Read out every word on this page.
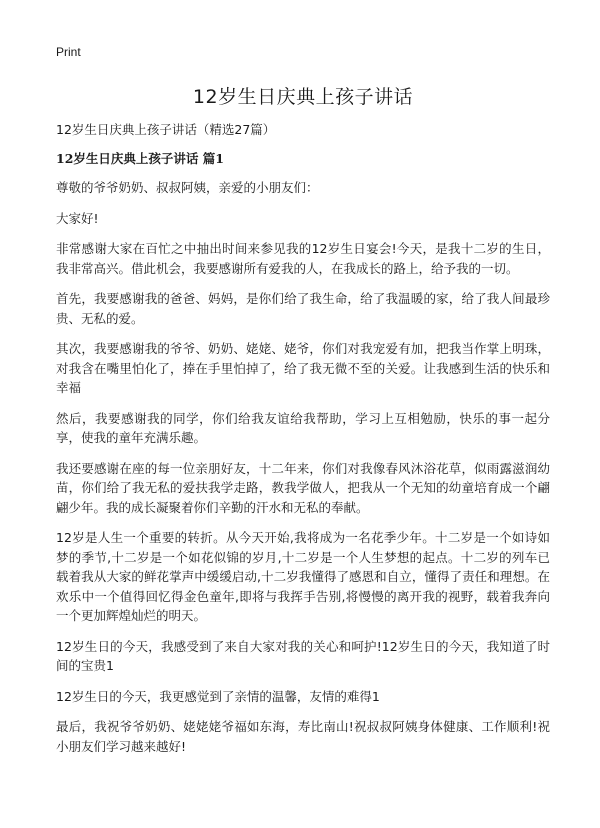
Print
12岁生日庆典上孩子讲话

12岁生日庆典上孩子讲话（精选27篇）

12岁生日庆典上孩子讲话 篇1

尊敬的爷爷奶奶、叔叔阿姨，亲爱的小朋友们：

大家好!

非常感谢大家在百忙之中抽出时间来参见我的12岁生日宴会!今天，是我十二岁的生日，我非常高兴。借此机会，我要感谢所有爱我的人，在我成长的路上，给予我的一切。

首先，我要感谢我的爸爸、妈妈，是你们给了我生命，给了我温暖的家，给了我人间最珍贵、无私的爱。

其次，我要感谢我的爷爷、奶奶、姥姥、姥爷，你们对我宠爱有加，把我当作掌上明珠，对我含在嘴里怕化了，捧在手里怕掉了，给了我无微不至的关爱。让我感到生活的快乐和幸福

然后，我要感谢我的同学，你们给我友谊给我帮助，学习上互相勉励，快乐的事一起分享，使我的童年充满乐趣。

我还要感谢在座的每一位亲朋好友，十二年来，你们对我像春风沐浴花草，似雨露滋润幼苗，你们给了我无私的爱扶我学走路，教我学做人，把我从一个无知的幼童培育成一个翩翩少年。我的成长凝聚着你们辛勤的汗水和无私的奉献。

12岁是人生一个重要的转折。从今天开始,我将成为一名花季少年。十二岁是一个如诗如梦的季节,十二岁是一个如花似锦的岁月,十二岁是一个人生梦想的起点。十二岁的列车已载着我从大家的鲜花掌声中缓缓启动,十二岁我懂得了感恩和自立，懂得了责任和理想。在欢乐中一个值得回忆得金色童年,即将与我挥手告别,将慢慢的离开我的视野，载着我奔向一个更加辉煌灿烂的明天。

12岁生日的今天，我感受到了来自大家对我的关心和呵护!12岁生日的今天，我知道了时间的宝贵1

12岁生日的今天，我更感觉到了亲情的温馨，友情的难得1

最后，我祝爷爷奶奶、姥姥姥爷福如东海，寿比南山!祝叔叔阿姨身体健康、工作顺利!祝小朋友们学习越来越好!
